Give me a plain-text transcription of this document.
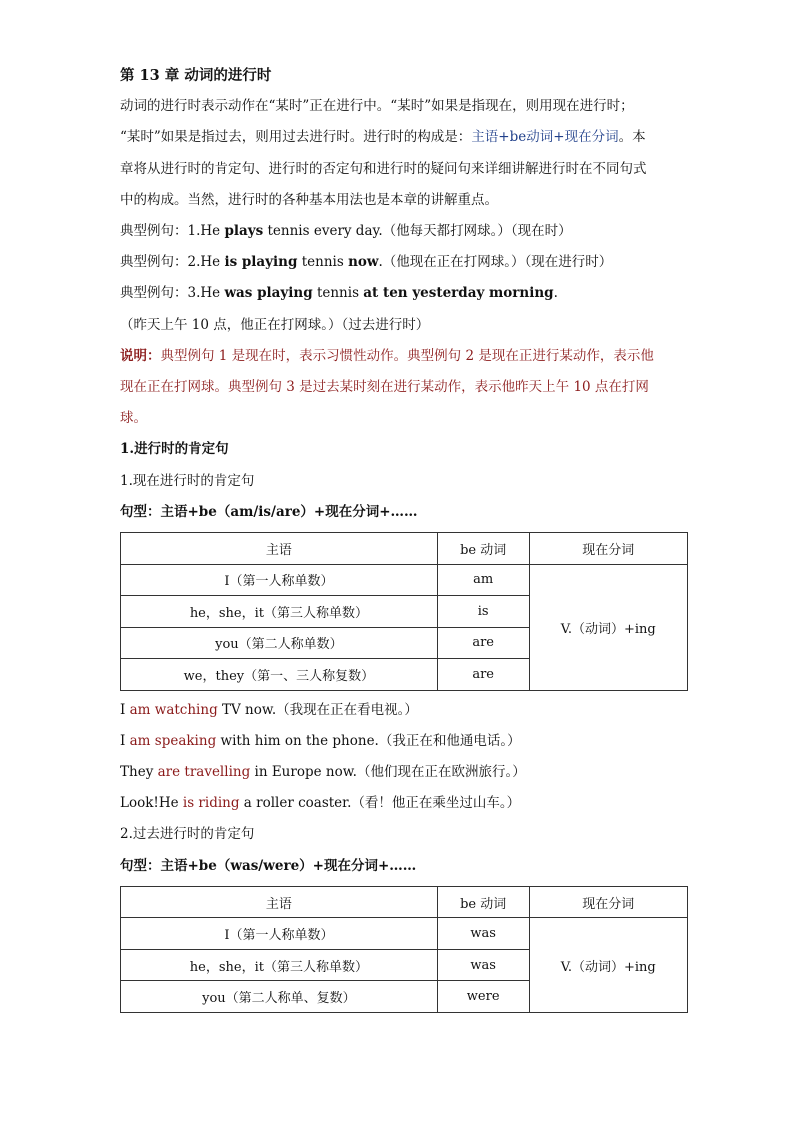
第 13 章 动词的进行时
动词的进行时表示动作在“某时”正在进行中。“某时”如果是指现在，则用现在进行时；
“某时”如果是指过去，则用过去进行时。进行时的构成是：主语+be动词+现在分词。本
章将从进行时的肯定句、进行时的否定句和进行时的疑问句来详细讲解进行时在不同句式
中的构成。当然，进行时的各种基本用法也是本章的讲解重点。
典型例句：1.He plays tennis every day.（他每天都打网球。）（现在时）
典型例句：2.He is playing tennis now.（他现在正在打网球。）（现在进行时）
典型例句：3.He was playing tennis at ten yesterday morning.
（昨天上午 10 点，他正在打网球。）（过去进行时）
说明：典型例句 1 是现在时，表示习惯性动作。典型例句 2 是现在正进行某动作，表示他
现在正在打网球。典型例句 3 是过去某时刻在进行某动作，表示他昨天上午 10 点在打网
球。
1.进行时的肯定句
1.现在进行时的肯定句
句型：主语+be（am/is/are）+现在分词+……
主语	be 动词	现在分词
I（第一人称单数）	am	V.（动词）+ing
he，she，it（第三人称单数）	is	
you（第二人称单数）	are	
we，they（第一、三人称复数）	are	
I am watching TV now.（我现在正在看电视。）
I am speaking with him on the phone.（我正在和他通电话。）
They are travelling in Europe now.（他们现在正在欧洲旅行。）
Look!He is riding a roller coaster.（看！他正在乘坐过山车。）
2.过去进行时的肯定句
句型：主语+be（was/were）+现在分词+……
主语	be 动词	现在分词
I（第一人称单数）	was	V.（动词）+ing
he，she，it（第三人称单数）	was	
you（第二人称单、复数）	were	
